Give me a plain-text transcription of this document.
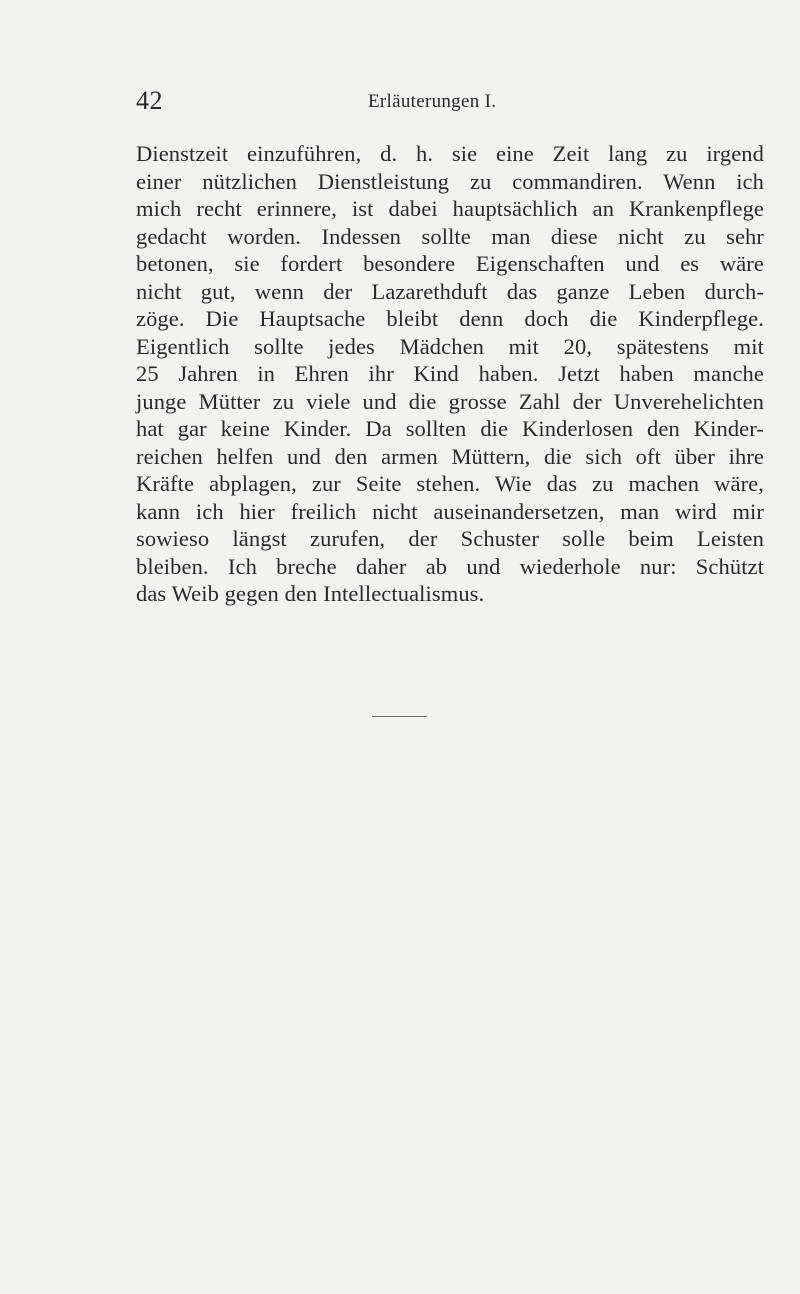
42	Erläuterungen I.
Dienstzeit einzuführen, d. h. sie eine Zeit lang zu irgend
einer nützlichen Dienstleistung zu commandiren. Wenn ich
mich recht erinnere, ist dabei hauptsächlich an Krankenpflege
gedacht worden. Indessen sollte man diese nicht zu sehr
betonen, sie fordert besondere Eigenschaften und es wäre
nicht gut, wenn der Lazarethduft das ganze Leben durch-
zöge. Die Hauptsache bleibt denn doch die Kinderpflege.
Eigentlich sollte jedes Mädchen mit 20, spätestens mit
25 Jahren in Ehren ihr Kind haben. Jetzt haben manche
junge Mütter zu viele und die grosse Zahl der Unverehelichten
hat gar keine Kinder. Da sollten die Kinderlosen den Kinder-
reichen helfen und den armen Müttern, die sich oft über ihre
Kräfte abplagen, zur Seite stehen. Wie das zu machen wäre,
kann ich hier freilich nicht auseinandersetzen, man wird mir
sowieso längst zurufen, der Schuster solle beim Leisten
bleiben. Ich breche daher ab und wiederhole nur: Schützt
das Weib gegen den Intellectualismus.
